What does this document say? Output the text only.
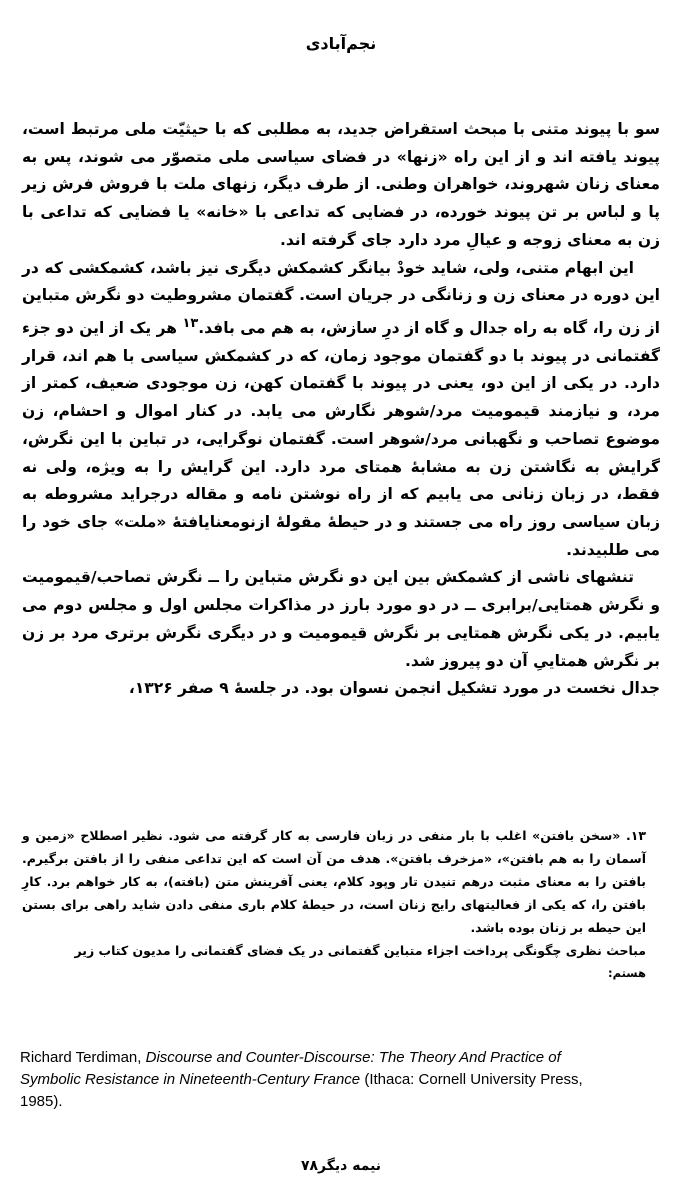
نجم‌آبادی

سو با پیوند متنی با مبحث استقراض جدید، به مطلبی که با حیثیّت ملی مرتبط است، پیوند یافته اند و از این راه «زنها» در فضای سیاسی ملی متصوّر می شوند، پس به معنای زنان شهروند، خواهران وطنی. از طرف دیگر، زنهای ملت با فروش فرش زیر پا و لباس بر تن پیوند خورده، در فضایی که تداعی با «خانه» یا فضایی که تداعی با زن به معنای زوجه و عیالِ مرد دارد جای گرفته اند.

این ابهام متنی، ولی، شاید خودْ بیانگر کشمکش دیگری نیز باشد، کشمکشی که در این دوره در معنای زن و زنانگی در جریان است. گفتمان مشروطیت دو نگرش متباین از زن را، گاه به راه جدال و گاه از درِ سازش، به هم می بافد.$^{۱۳}$ هر یک از این دو جزء گفتمانی در پیوند با دو گفتمان موجود زمان، که در کشمکش سیاسی با هم اند، قرار دارد. در یکی از این دو، یعنی در پیوند با گفتمان کهن، زن موجودی ضعیف، کمتر از مرد، و نیازمند قیمومیت مرد/شوهر نگارش می یابد. در کنار اموال و احشام، زن موضوع تصاحب و نگهبانی مرد/شوهر است. گفتمان نوگرایی، در تباین با این نگرش، گرایش به نگاشتن زن به مشابهٔ همتای مرد دارد. این گرایش را به ویژه، ولی نه فقط، در زبان زنانی می یابیم که از راه نوشتن نامه و مقاله درجراید مشروطه به زبان سیاسی روز راه می جستند و در حیطهٔ مقولهٔ ازنومعنایافتهٔ «ملت» جای خود را می طلبیدند.

تنشهای ناشی از کشمکش بین این دو نگرش متباین را ــ نگرش تصاحب/قیمومیت و نگرش همتایی/برابری ــ در دو مورد بارز در مذاکرات مجلس اول و مجلس دوم می یابیم. در یکی نگرش همتایی بر نگرش قیمومیت و در دیگری نگرش برتری مرد بر زن بر نگرش همتاییِ آن دو پیروز شد.

جدال نخست در مورد تشکیل انجمن نسوان بود. در جلسهٔ ۹ صفر ۱۳۲۶،

۱۳. «سخن بافتن» اغلب با بار منفی در زبان فارسی به کار گرفته می شود. نظیر اصطلاح «زمین و آسمان را به هم بافتن»، «مزخرف بافتن». هدف من آن است که این تداعی منفی را از بافتن برگیرم. بافتن را به معنای مثبت درهم تنیدن تار وپود کلام، یعنی آفرینش متن (بافته)، به کار خواهم برد. کارِ بافتن را، که یکی از فعالیتهای رایج زنان است، در حیطهٔ کلام باری منفی دادن شاید راهی برای بستن این حیطه بر زنان بوده باشد.

مباحث نظری چگونگی پرداخت اجزاء متباین گفتمانی در یک فضای گفتمانی را مدیون کتاب زیر

هستم:

Richard Terdiman, Discourse and Counter-Discourse: The Theory And Practice of Symbolic Resistance in Nineteenth-Century France (Ithaca: Cornell University Press, 1985).
نیمه دیگر۷۸
